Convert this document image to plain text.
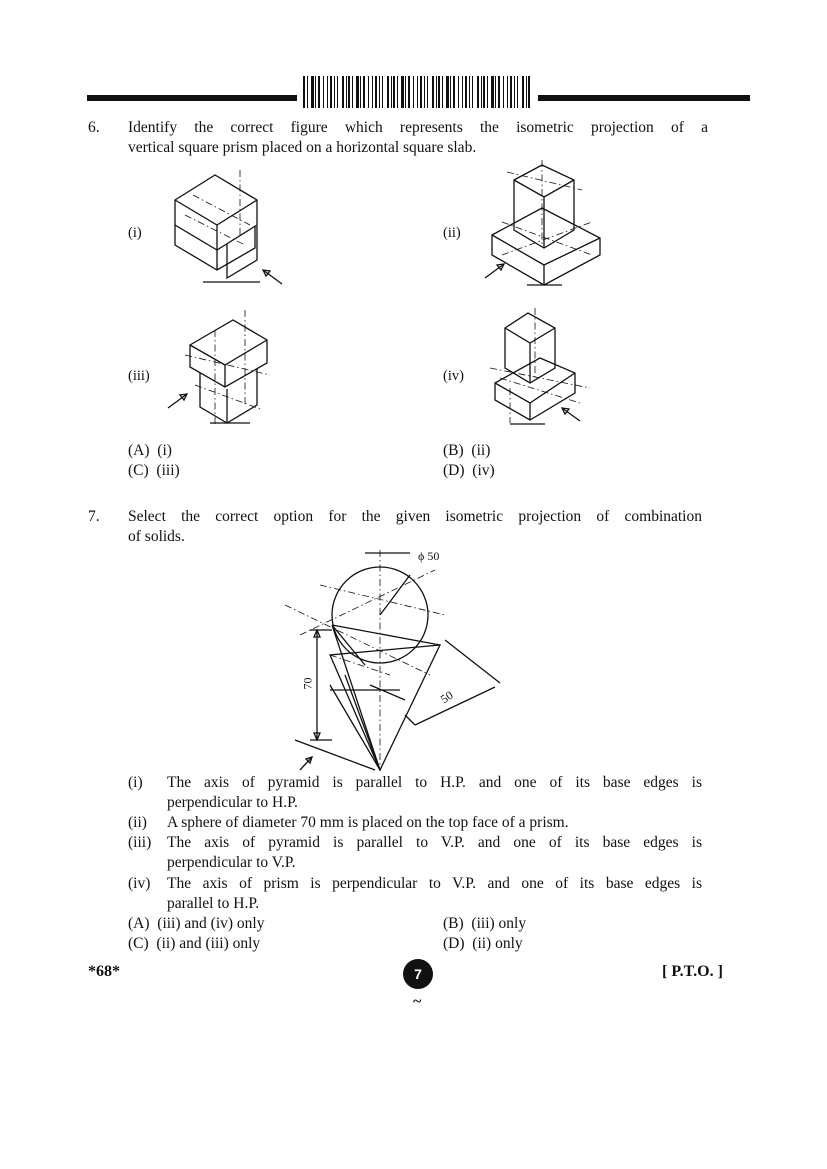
6. Identify the correct figure which represents the isometric projection of a
vertical square prism placed on a horizontal square slab.
(i)	(ii)
(iii)	(iv)
(A) (i)	(B) (ii)
(C) (iii)	(D) (iv)
7. Select the correct option for the given isometric projection of combination
of solids.
ϕ 50
70
50
(i) The axis of pyramid is parallel to H.P. and one of its base edges is
perpendicular to H.P.
(ii) A sphere of diameter 70 mm is placed on the top face of a prism.
(iii) The axis of pyramid is parallel to V.P. and one of its base edges is
perpendicular to V.P.
(iv) The axis of prism is perpendicular to V.P. and one of its base edges is
parallel to H.P.
(A) (iii) and (iv) only	(B) (iii) only
(C) (ii) and (iii) only	(D) (ii) only
*68*	7
~
[ P.T.O. ]
